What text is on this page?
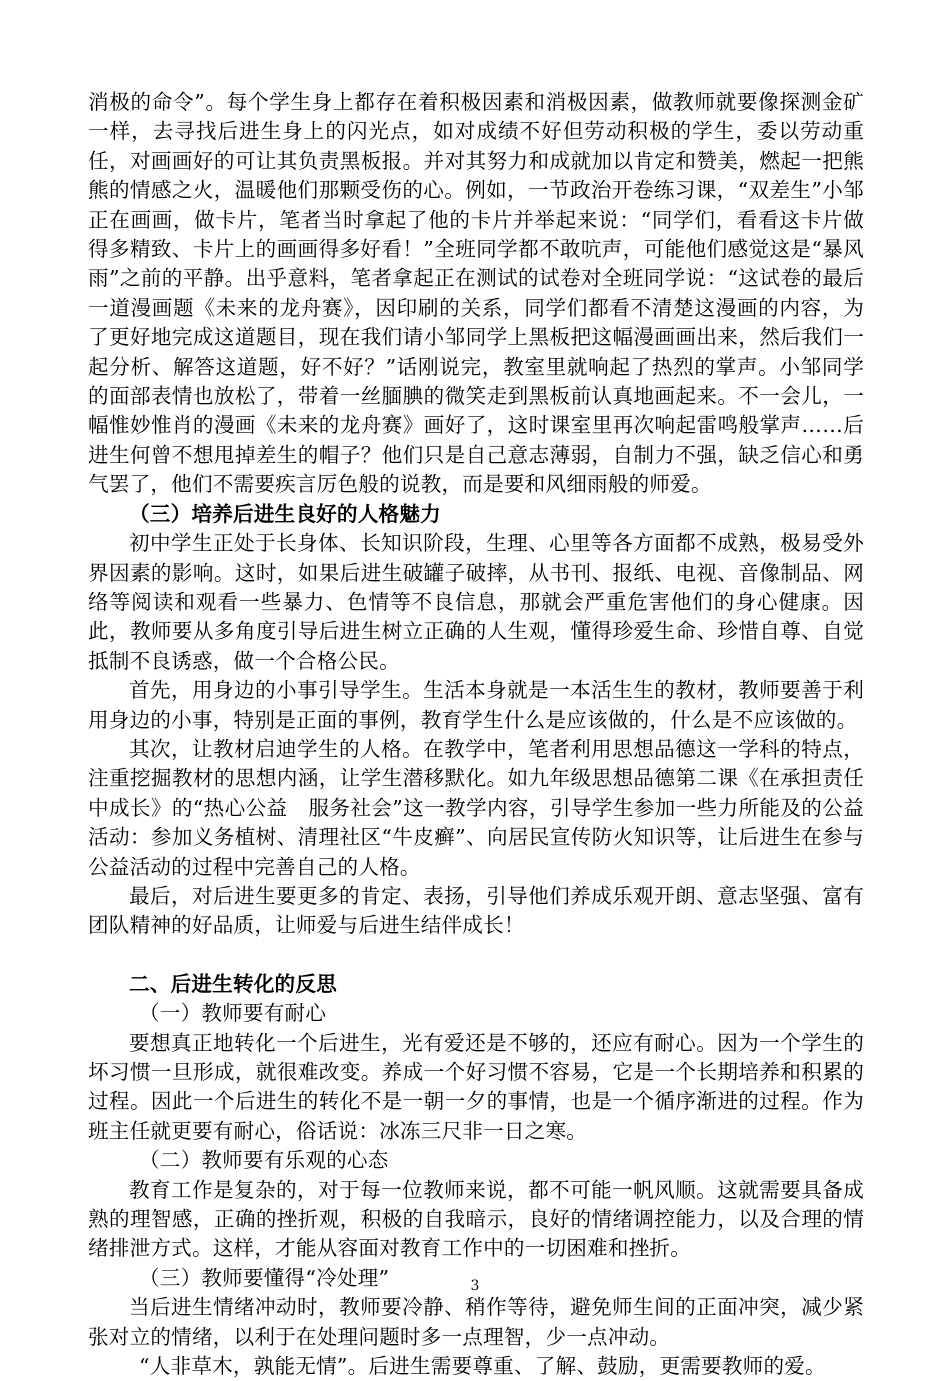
消极的命令”。每个学生身上都存在着积极因素和消极因素，做教师就要像探测金矿一样，去寻找后进生身上的闪光点，如对成绩不好但劳动积极的学生，委以劳动重任，对画画好的可让其负责黑板报。并对其努力和成就加以肯定和赞美，燃起一把熊熊的情感之火，温暖他们那颗受伤的心。例如，一节政治开卷练习课，“双差生”小邹正在画画，做卡片，笔者当时拿起了他的卡片并举起来说：“同学们，看看这卡片做得多精致、卡片上的画画得多好看！”全班同学都不敢吭声，可能他们感觉这是“暴风雨”之前的平静。出乎意料，笔者拿起正在测试的试卷对全班同学说：“这试卷的最后一道漫画题《未来的龙舟赛》，因印刷的关系，同学们都看不清楚这漫画的内容，为了更好地完成这道题目，现在我们请小邹同学上黑板把这幅漫画画出来，然后我们一起分析、解答这道题，好不好？”话刚说完，教室里就响起了热烈的掌声。小邹同学的面部表情也放松了，带着一丝腼腆的微笑走到黑板前认真地画起来。不一会儿，一幅惟妙惟肖的漫画《未来的龙舟赛》画好了，这时课室里再次响起雷鸣般掌声……后进生何曾不想甩掉差生的帽子？他们只是自己意志薄弱，自制力不强，缺乏信心和勇气罢了，他们不需要疾言厉色般的说教，而是要和风细雨般的师爱。

（三）培养后进生良好的人格魅力

初中学生正处于长身体、长知识阶段，生理、心里等各方面都不成熟，极易受外界因素的影响。这时，如果后进生破罐子破摔，从书刊、报纸、电视、音像制品、网络等阅读和观看一些暴力、色情等不良信息，那就会严重危害他们的身心健康。因此，教师要从多角度引导后进生树立正确的人生观，懂得珍爱生命、珍惜自尊、自觉抵制不良诱惑，做一个合格公民。

首先，用身边的小事引导学生。生活本身就是一本活生生的教材，教师要善于利用身边的小事，特别是正面的事例，教育学生什么是应该做的，什么是不应该做的。

其次，让教材启迪学生的人格。在教学中，笔者利用思想品德这一学科的特点，注重挖掘教材的思想内涵，让学生潜移默化。如九年级思想品德第二课《在承担责任中成长》的“热心公益　服务社会”这一教学内容，引导学生参加一些力所能及的公益活动：参加义务植树、清理社区“牛皮癣”、向居民宣传防火知识等，让后进生在参与公益活动的过程中完善自己的人格。

最后，对后进生要更多的肯定、表扬，引导他们养成乐观开朗、意志坚强、富有团队精神的好品质，让师爱与后进生结伴成长！

二、后进生转化的反思

（一）教师要有耐心

要想真正地转化一个后进生，光有爱还是不够的，还应有耐心。因为一个学生的坏习惯一旦形成，就很难改变。养成一个好习惯不容易，它是一个长期培养和积累的过程。因此一个后进生的转化不是一朝一夕的事情，也是一个循序渐进的过程。作为班主任就更要有耐心，俗话说：冰冻三尺非一日之寒。

（二）教师要有乐观的心态

教育工作是复杂的，对于每一位教师来说，都不可能一帆风顺。这就需要具备成熟的理智感，正确的挫折观，积极的自我暗示，良好的情绪调控能力，以及合理的情绪排泄方式。这样，才能从容面对教育工作中的一切困难和挫折。

（三）教师要懂得“冷处理”

当后进生情绪冲动时，教师要冷静、稍作等待，避免师生间的正面冲突，减少紧张对立的情绪，以利于在处理问题时多一点理智，少一点冲动。

“人非草木，孰能无情”。后进生需要尊重、了解、鼓励，更需要教师的爱。

3
